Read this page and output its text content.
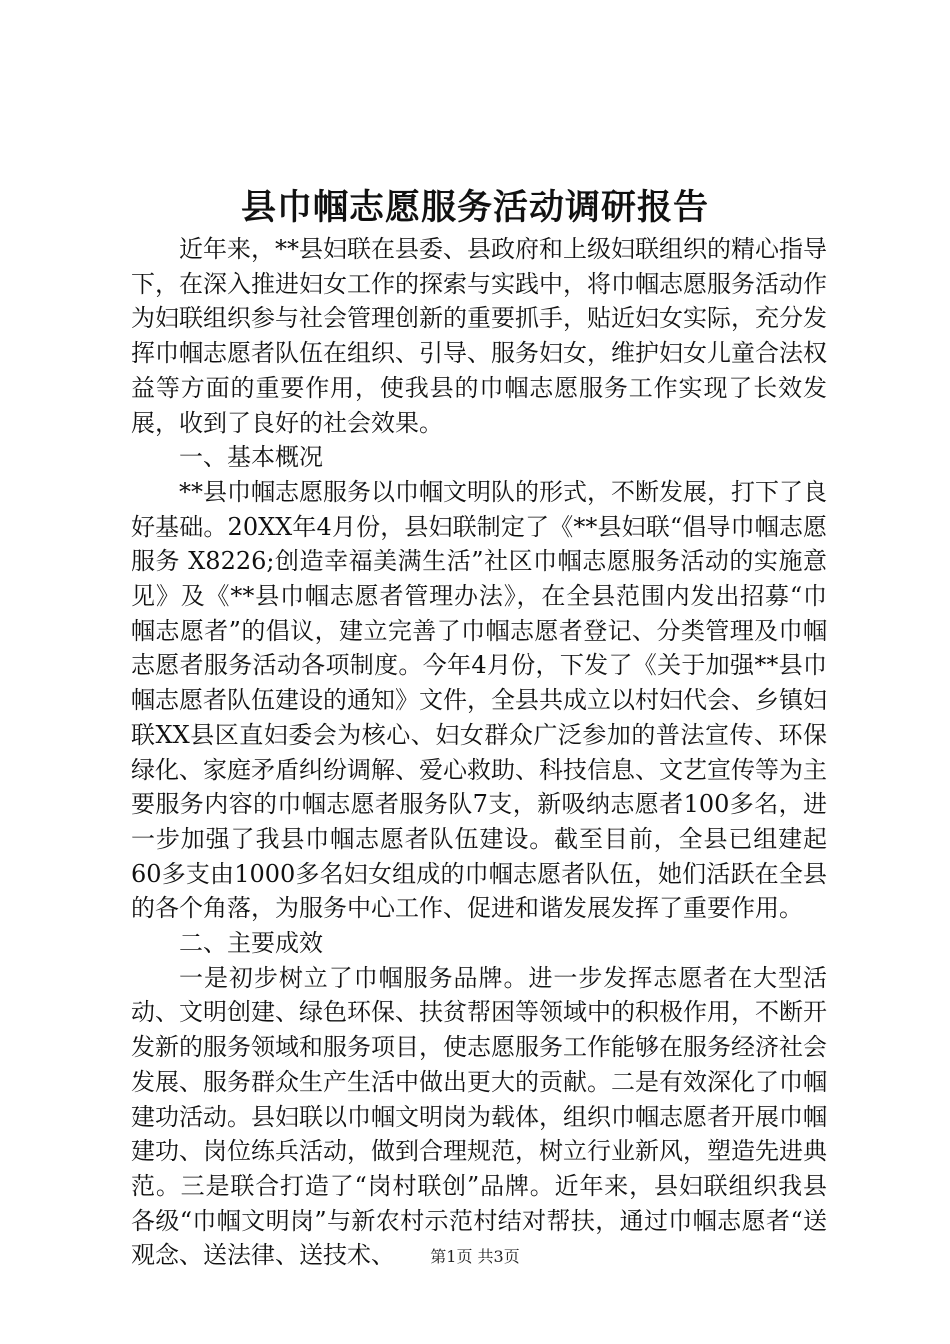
县巾帼志愿服务活动调研报告

近年来，**县妇联在县委、县政府和上级妇联组织的精心指导下，在深入推进妇女工作的探索与实践中，将巾帼志愿服务活动作为妇联组织参与社会管理创新的重要抓手，贴近妇女实际，充分发挥巾帼志愿者队伍在组织、引导、服务妇女，维护妇女儿童合法权益等方面的重要作用，使我县的巾帼志愿服务工作实现了长效发展，收到了良好的社会效果。

一、基本概况

**县巾帼志愿服务以巾帼文明队的形式，不断发展，打下了良好基础。20XX年4月份，县妇联制定了《**县妇联“倡导巾帼志愿服务 X8226;创造幸福美满生活”社区巾帼志愿服务活动的实施意见》及《**县巾帼志愿者管理办法》，在全县范围内发出招募“巾帼志愿者”的倡议，建立完善了巾帼志愿者登记、分类管理及巾帼志愿者服务活动各项制度。今年4月份，下发了《关于加强**县巾帼志愿者队伍建设的通知》文件，全县共成立以村妇代会、乡镇妇联XX县区直妇委会为核心、妇女群众广泛参加的普法宣传、环保绿化、家庭矛盾纠纷调解、爱心救助、科技信息、文艺宣传等为主要服务内容的巾帼志愿者服务队7支，新吸纳志愿者100多名，进一步加强了我县巾帼志愿者队伍建设。截至目前，全县已组建起60多支由1000多名妇女组成的巾帼志愿者队伍，她们活跃在全县的各个角落，为服务中心工作、促进和谐发展发挥了重要作用。

二、主要成效

一是初步树立了巾帼服务品牌。进一步发挥志愿者在大型活动、文明创建、绿色环保、扶贫帮困等领域中的积极作用，不断开发新的服务领域和服务项目，使志愿服务工作能够在服务经济社会发展、服务群众生产生活中做出更大的贡献。二是有效深化了巾帼建功活动。县妇联以巾帼文明岗为载体，组织巾帼志愿者开展巾帼建功、岗位练兵活动，做到合理规范，树立行业新风，塑造先进典范。三是联合打造了“岗村联创”品牌。近年来，县妇联组织我县各级“巾帼文明岗”与新农村示范村结对帮扶，通过巾帼志愿者“送观念、送法律、送技术、	第1页 共3页
